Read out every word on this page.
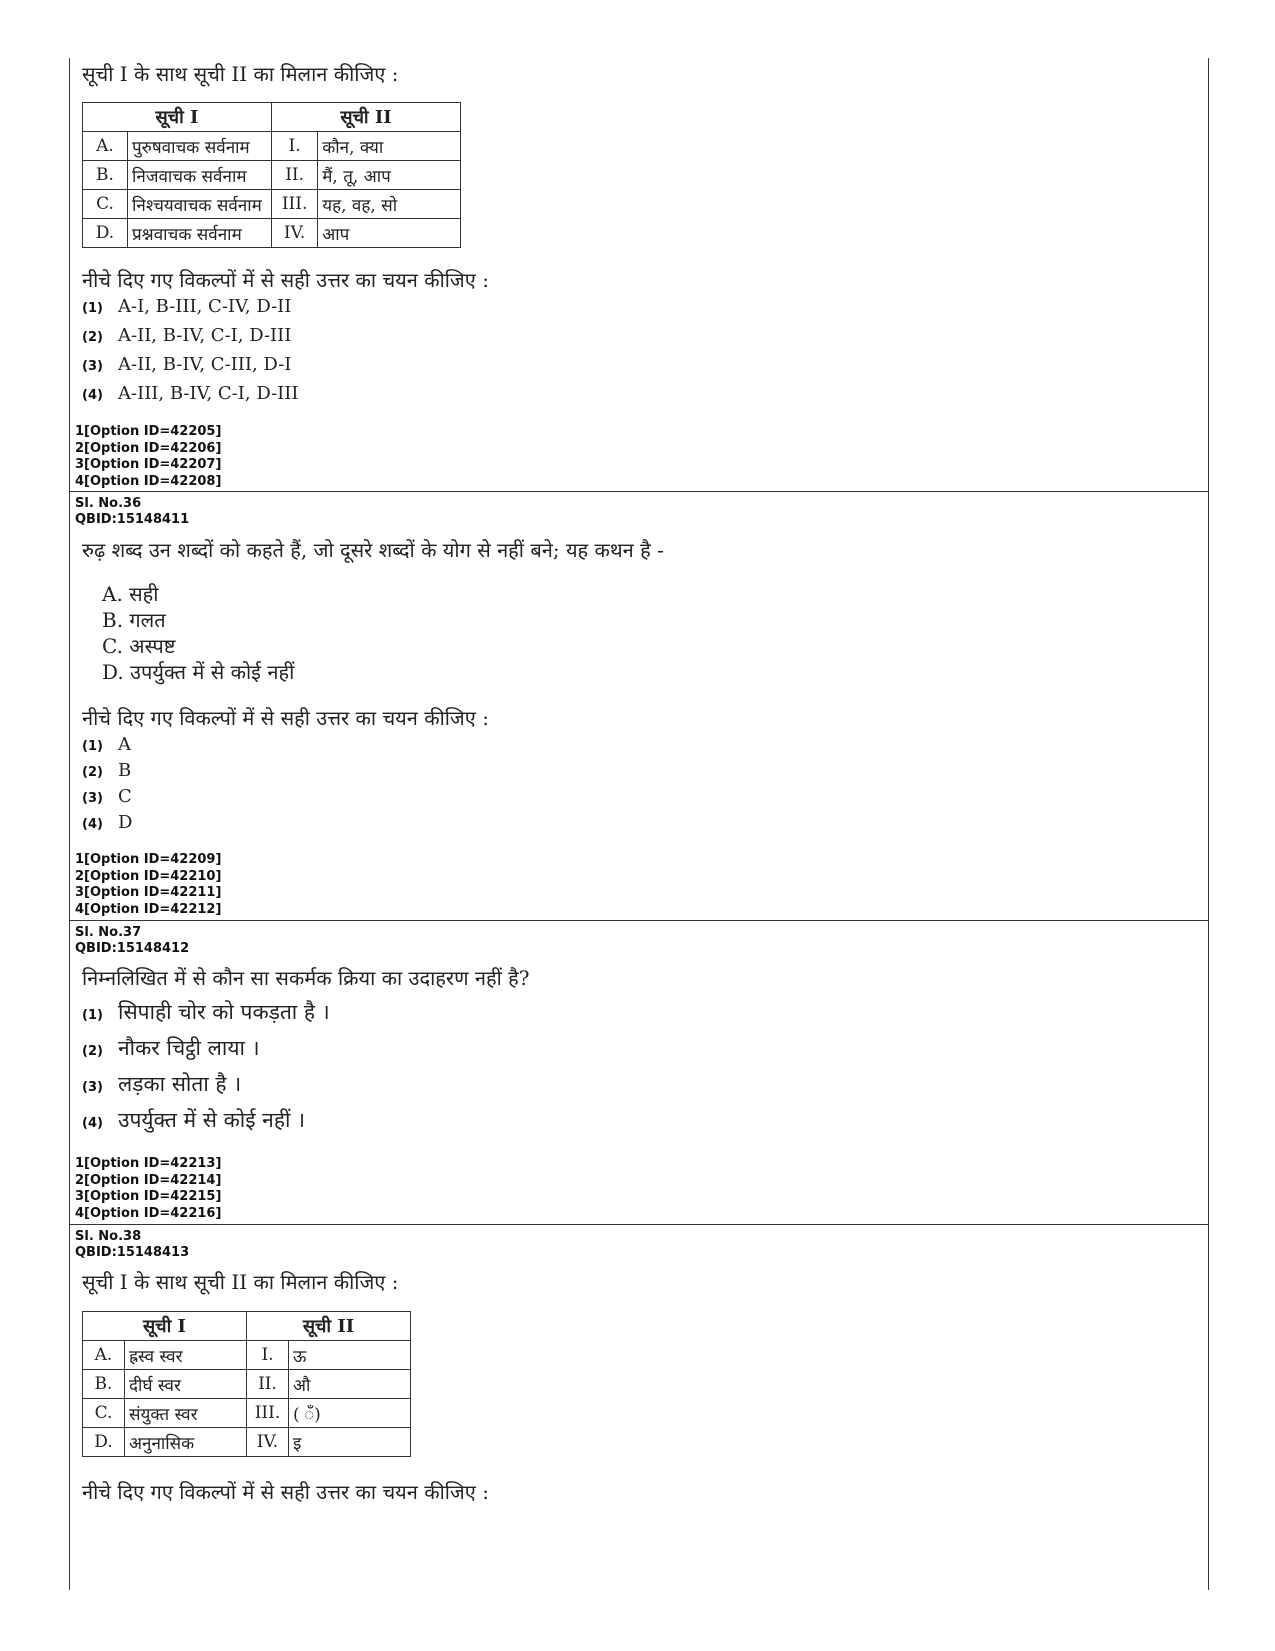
सूची I के साथ सूची II का मिलान कीजिए :
सूची I		सूची II	
A.	पुरुषवाचक सर्वनाम	I.	कौन, क्या
B.	निजवाचक सर्वनाम	II.	मैं, तू, आप
C.	निश्चयवाचक सर्वनाम	III.	यह, वह, सो
D.	प्रश्नवाचक सर्वनाम	IV.	आप
नीचे दिए गए विकल्पों में से सही उत्तर का चयन कीजिए :
(1) A-I, B-III, C-IV, D-II
(2) A-II, B-IV, C-I, D-III
(3) A-II, B-IV, C-III, D-I
(4) A-III, B-IV, C-I, D-III
1[Option ID=42205]
2[Option ID=42206]
3[Option ID=42207]
4[Option ID=42208]
Sl. No.36
QBID:15148411
रुढ़ शब्द उन शब्दों को कहते हैं, जो दूसरे शब्दों के योग से नहीं बने; यह कथन है -
A. सही
B. गलत
C. अस्पष्ट
D. उपर्युक्त में से कोई नहीं
नीचे दिए गए विकल्पों में से सही उत्तर का चयन कीजिए :
(1) A
(2) B
(3) C
(4) D
1[Option ID=42209]
2[Option ID=42210]
3[Option ID=42211]
4[Option ID=42212]
Sl. No.37
QBID:15148412
निम्नलिखित में से कौन सा सकर्मक क्रिया का उदाहरण नहीं है?
(1) सिपाही चोर को पकड़ता है ।
(2) नौकर चिट्ठी लाया ।
(3) लड़का सोता है ।
(4) उपर्युक्त में से कोई नहीं ।
1[Option ID=42213]
2[Option ID=42214]
3[Option ID=42215]
4[Option ID=42216]
Sl. No.38
QBID:15148413
सूची I के साथ सूची II का मिलान कीजिए :
सूची I		सूची II	
A.	ह्रस्व स्वर	I.	ऊ
B.	दीर्घ स्वर	II.	औ
C.	संयुक्त स्वर	III.	( ँ)
D.	अनुनासिक	IV.	इ
नीचे दिए गए विकल्पों में से सही उत्तर का चयन कीजिए :
